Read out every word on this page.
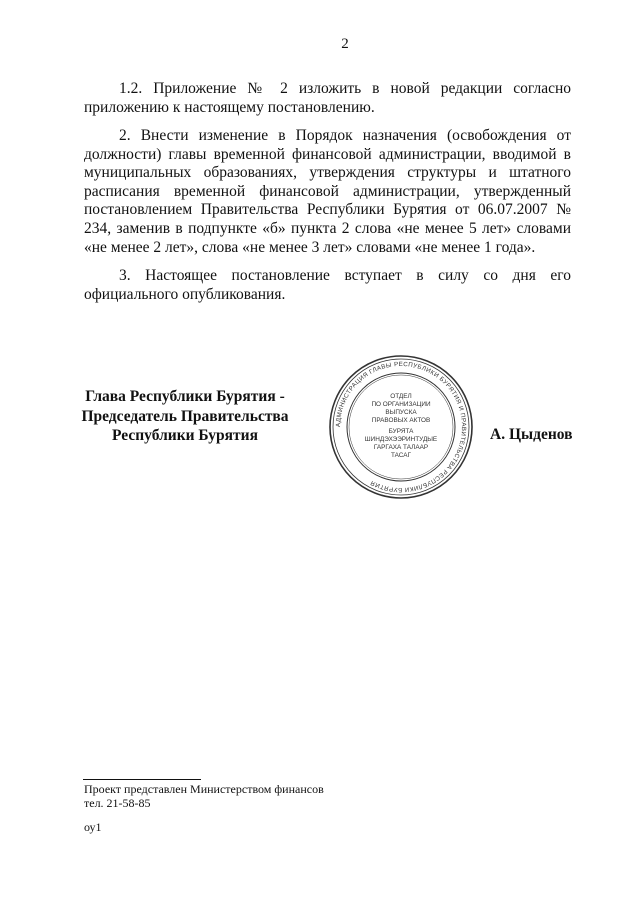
2

1.2. Приложение № 2 изложить в новой редакции согласно приложению к настоящему постановлению.

2. Внести изменение в Порядок назначения (освобождения от должности) главы временной финансовой администрации, вводимой в муниципальных образованиях, утверждения структуры и штатного расписания временной финансовой администрации, утвержденный постановлением Правительства Республики Бурятия от 06.07.2007 № 234, заменив в подпункте «б» пункта 2 слова «не менее 5 лет» словами «не менее 2 лет», слова «не менее 3 лет» словами «не менее 1 года».

3. Настоящее постановление вступает в силу со дня его официального опубликования.

Глава Республики Бурятия -
Председатель Правительства
Республики Бурятия
АДМИНИСТРАЦИЯ ГЛАВЫ РЕСПУБЛИКИ БУРЯТИЯ И ПРАВИТЕЛЬСТВА РЕСПУБЛИКИ БУРЯТИЯ
ОТДЕЛ
ПО ОРГАНИЗАЦИИ
ВЫПУСКА
ПРАВОВЫХ АКТОВ
БУРЯТА
ШИНДЭХЭЭРИНТУДЫЕ
ГАРГАХА ТАЛААР
ТАСАГ
А. Цыденов
Проект представлен Министерством финансов
тел. 21-58-85
оу1
